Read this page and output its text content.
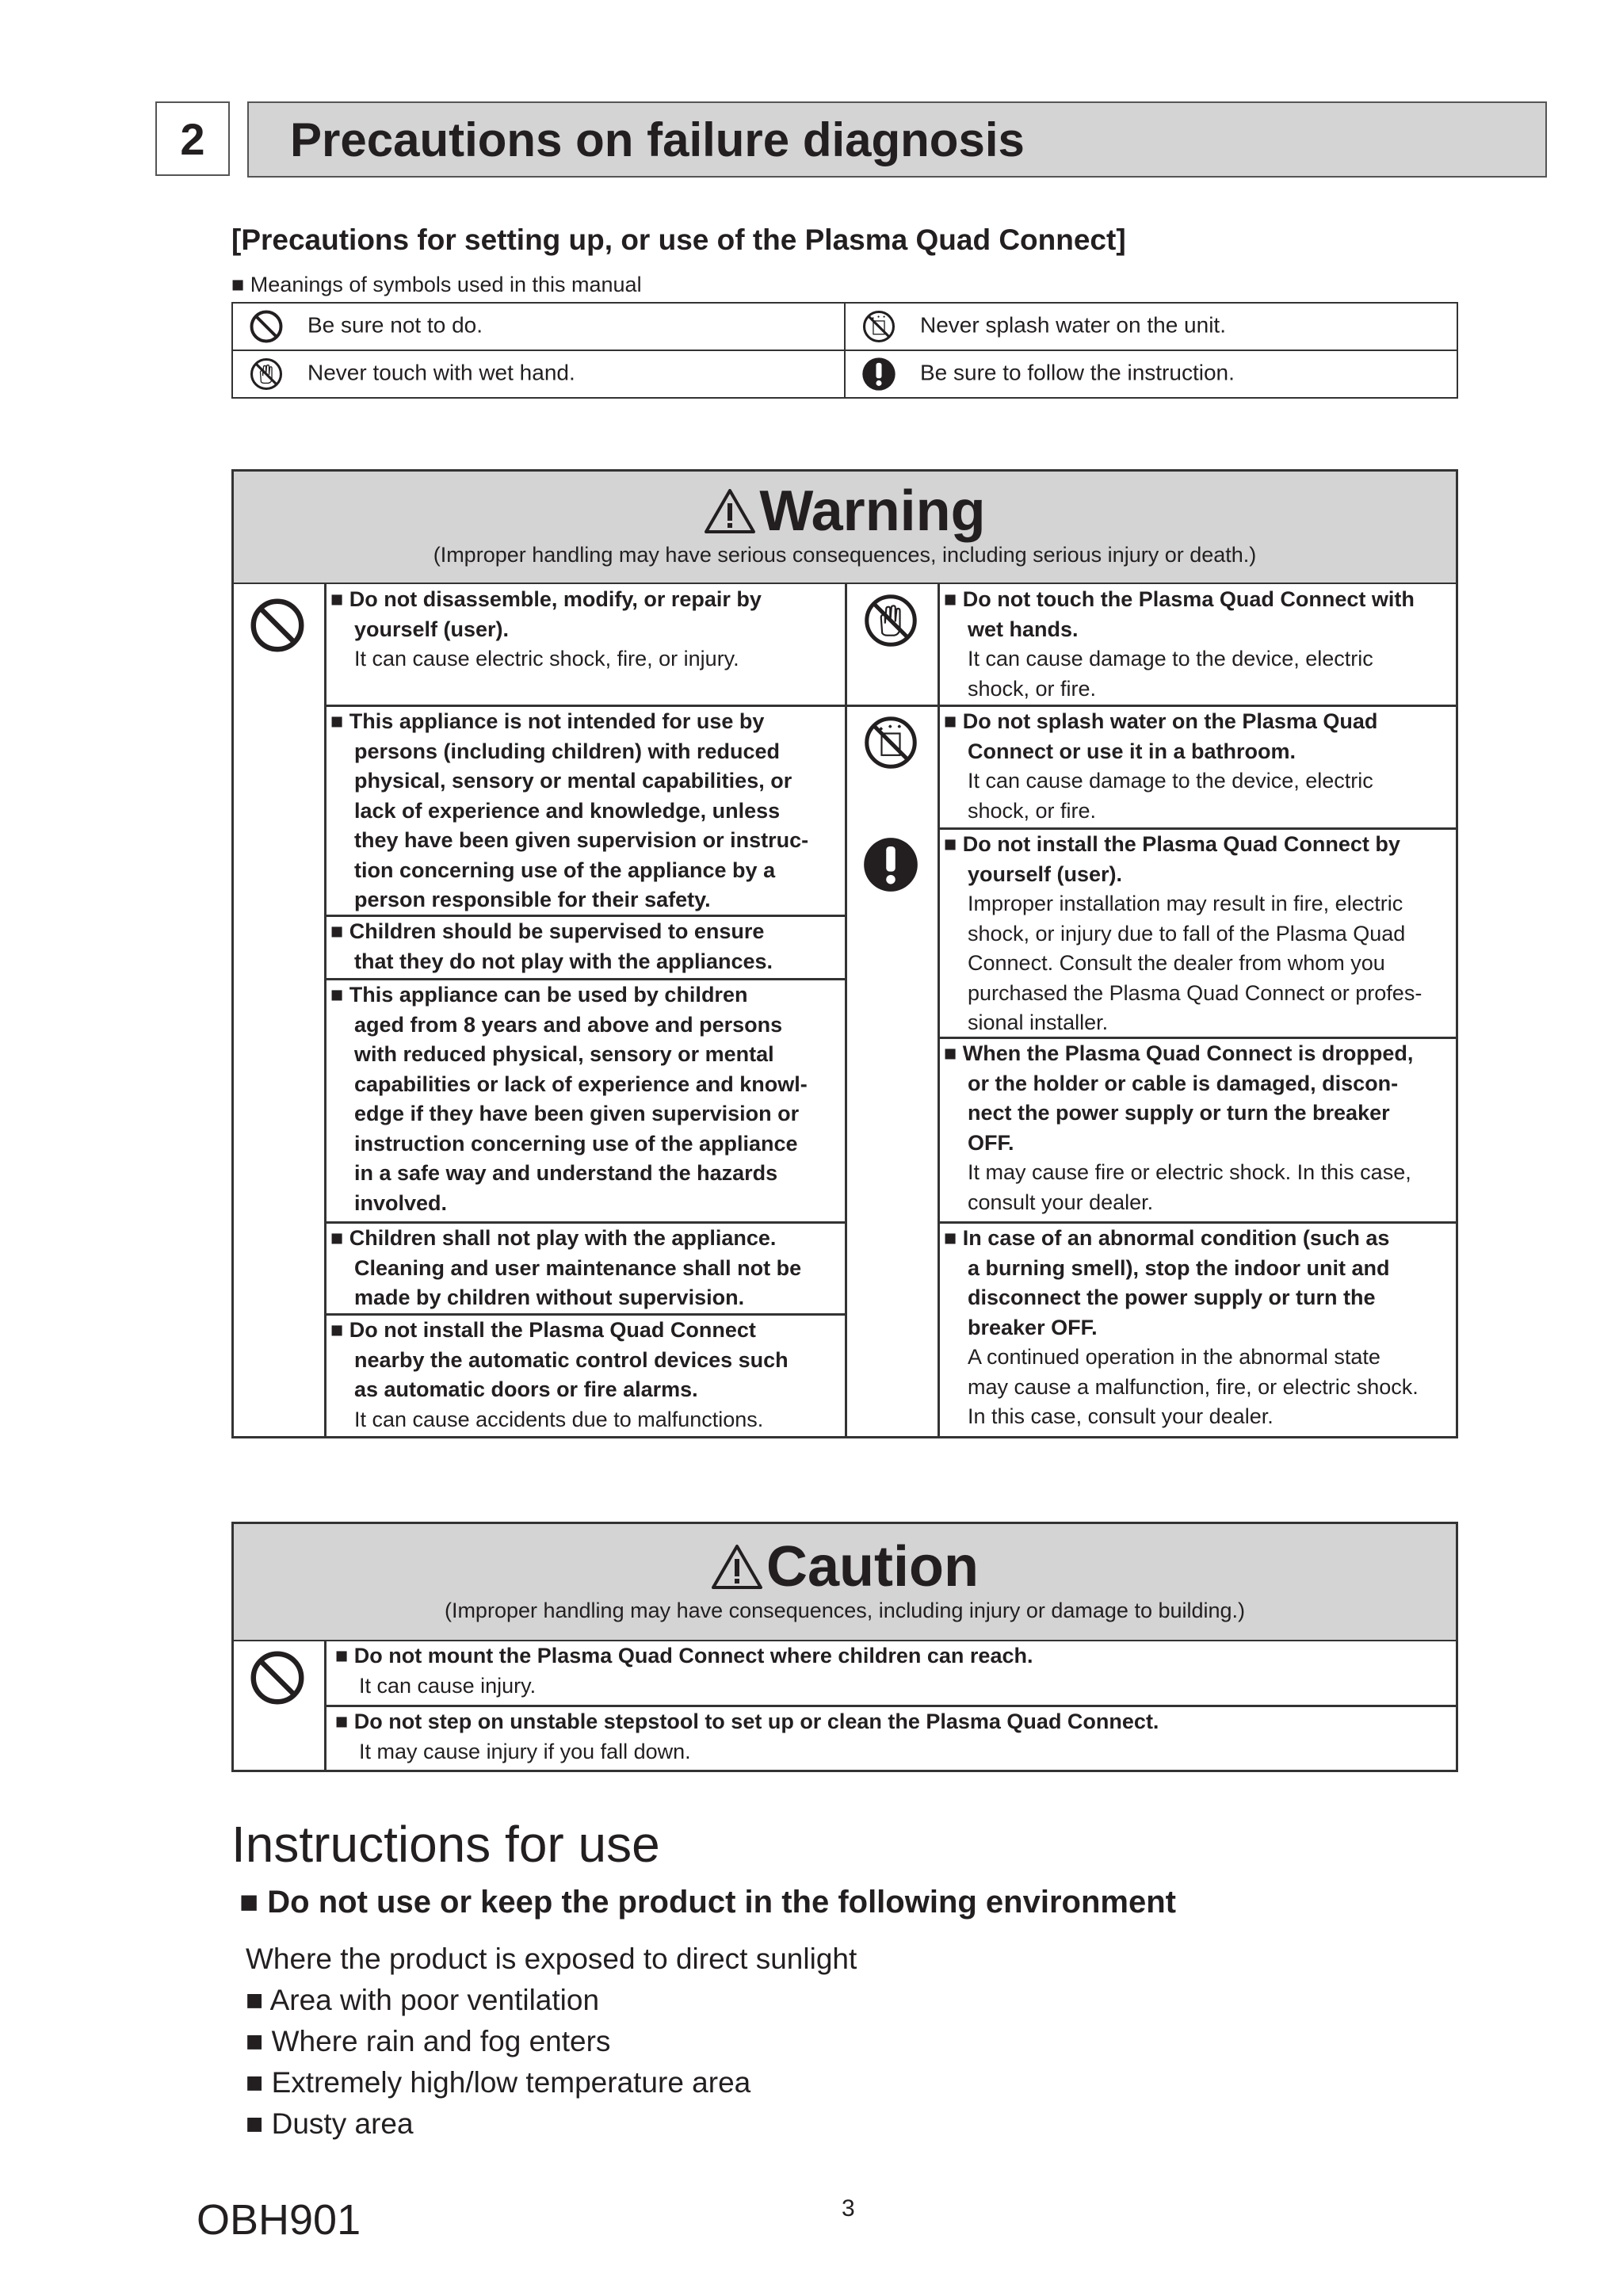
2	Precautions on failure diagnosis
[Precautions for setting up, or use of the Plasma Quad Connect]
■ Meanings of symbols used in this manual
Be sure not to do.	Never splash water on the unit.
Never touch with wet hand.	Be sure to follow the instruction.
Warning
(Improper handling may have serious consequences, including serious injury or death.)
■ Do not disassemble, modify, or repair by
yourself (user).
It can cause electric shock, fire, or injury.
■ This appliance is not intended for use by
persons (including children) with reduced
physical, sensory or mental capabilities, or
lack of experience and knowledge, unless
they have been given supervision or instruc-
tion concerning use of the appliance by a
person responsible for their safety.
■ Children should be supervised to ensure
that they do not play with the appliances.
■ This appliance can be used by children
aged from 8 years and above and persons
with reduced physical, sensory or mental
capabilities or lack of experience and knowl-
edge if they have been given supervision or
instruction concerning use of the appliance
in a safe way and understand the hazards
involved.
■ Children shall not play with the appliance.
Cleaning and user maintenance shall not be
made by children without supervision.
■ Do not install the Plasma Quad Connect
nearby the automatic control devices such
as automatic doors or fire alarms.
It can cause accidents due to malfunctions.
■ Do not touch the Plasma Quad Connect with
wet hands.
It can cause damage to the device, electric
shock, or fire.
■ Do not splash water on the Plasma Quad
Connect or use it in a bathroom.
It can cause damage to the device, electric
shock, or fire.
■ Do not install the Plasma Quad Connect by
yourself (user).
Improper installation may result in fire, electric
shock, or injury due to fall of the Plasma Quad
Connect. Consult the dealer from whom you
purchased the Plasma Quad Connect or profes-
sional installer.
■ When the Plasma Quad Connect is dropped,
or the holder or cable is damaged, discon-
nect the power supply or turn the breaker
OFF.
It may cause fire or electric shock. In this case,
consult your dealer.
■ In case of an abnormal condition (such as
a burning smell), stop the indoor unit and
disconnect the power supply or turn the
breaker OFF.
A continued operation in the abnormal state
may cause a malfunction, fire, or electric shock.
In this case, consult your dealer.
Caution
(Improper handling may have consequences, including injury or damage to building.)
■ Do not mount the Plasma Quad Connect where children can reach.
It can cause injury.
■ Do not step on unstable stepstool to set up or clean the Plasma Quad Connect.
It may cause injury if you fall down.
Instructions for use
■ Do not use or keep the product in the following environment
Where the product is exposed to direct sunlight
■ Area with poor ventilation
■ Where rain and fog enters
■ Extremely high/low temperature area
■ Dusty area
OBH901	3
